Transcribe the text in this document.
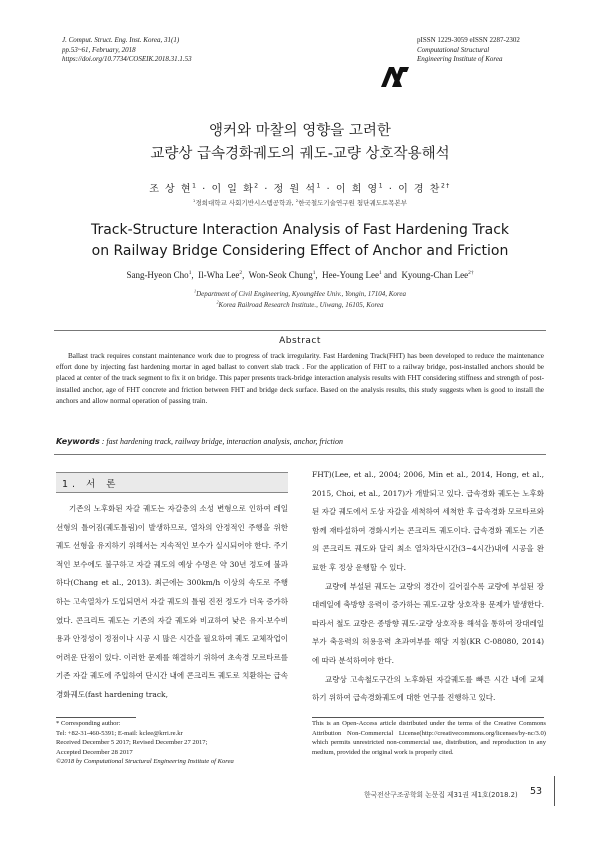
J. Comput. Struct. Eng. Inst. Korea, 31(1)
pp.53~61, February, 2018
https://doi.org/10.7734/COSEIK.2018.31.1.53
pISSN 1229-3059 eISSN 2287-2302
Computational Structural
Engineering Institute of Korea
앵커와 마찰의 영향을 고려한
교량상 급속경화궤도의 궤도-교량 상호작용해석
조 상 현$^1$ · 이 일 화$^2$ · 정 원 석$^1$ · 이 희 영$^1$ · 이 경 찬$^{2\dagger}$
$^1$경희대학교 사회기반시스템공학과, $^2$한국철도기술연구원 첨단궤도토목본부
Track-Structure Interaction Analysis of Fast Hardening Track
on Railway Bridge Considering Effect of Anchor and Friction
Sang-Hyeon Cho$^1$,  Il-Wha Lee$^2$,  Won-Seok Chung$^1$,  Hee-Young Lee$^1$ and  Kyoung-Chan Lee$^{2\dagger}$
$^1$Department of Civil Engineering, KyoungHee Univ., Yongin, 17104, Korea
$^2$Korea Railroad Research Institute., Uiwang, 16105, Korea
Abstract
Ballast track requires constant maintenance work due to progress of track irregularity. Fast Hardening Track(FHT) has been developed to reduce the maintenance effort done by injecting fast hardening mortar in aged ballast to convert slab track . For the application of FHT to a railway bridge, post-installed anchors should be placed at center of the track segment to fix it on bridge. This paper presents track-bridge interaction analysis results with FHT considering stiffness and strength of post-installed anchor, age of FHT concrete and friction between FHT and bridge deck surface. Based on the analysis results, this study suggests when is good to install the anchors and allow normal operation of passing train.
Keywords : fast hardening track, railway bridge, interaction analysis, anchor, friction
1. 서 론

기존의 노후화된 자갈 궤도는 자갈층의 소성 변형으로 인하여 레일 선형의 틀어짐(궤도틀림)이 발생하므로, 열차의 안정적인 주행을 위한 궤도 선형을 유지하기 위해서는 지속적인 보수가 실시되어야 한다. 주기적인 보수에도 불구하고 자갈 궤도의 예상 수명은 약 30년 정도에 불과하다(Chang et al., 2013). 최근에는 300km/h 이상의 속도로 주행하는 고속열차가 도입되면서 자갈 궤도의 틀림 진전 정도가 더욱 증가하였다. 콘크리트 궤도는 기존의 자갈 궤도와 비교하여 낮은 유지·보수비용과 안정성이 정점이나 시공 시 많은 시간을 필요하여 궤도 교체작업이 어려운 단점이 있다. 이러한 문제를 해결하기 위하여 초속경 모르타르를 기존 자갈 궤도에 주입하여 단시간 내에 콘크리트 궤도로 치환하는 급속경화궤도(fast hardening track,

FHT)(Lee, et al., 2004; 2006, Min et al., 2014, Hong, et al., 2015, Choi, et al., 2017)가 개발되고 있다. 급속경화 궤도는 노후화된 자갈 궤도에서 도상 자갈을 세척하여 세척한 후 급속경화 모르타르와 함께 재타설하여 경화시키는 콘크리트 궤도이다. 급속경화 궤도는 기존의 콘크리트 궤도와 달리 최소 열차차단시간(3~4시간)내에 시공을 완료한 후 정상 운행할 수 있다.

교량에 부설된 궤도는 교량의 경간이 길어질수록 교량에 부설된 장대레일에 축방향 응력이 증가하는 궤도-교량 상호작용 문제가 발생한다. 따라서 철도 교량은 종방향 궤도-교량 상호작용 해석을 통하여 장대레일 부가 축응력의 허용응력 초과여부를 해당 지침(KR C-08080, 2014)에 따라 분석하여야 한다.

교량상 고속철도구간의 노후화된 자갈궤도를 빠른 시간 내에 교체하기 위하여 급속경화궤도에 대한 연구를 진행하고 있다.

* Corresponding author:
Tel: +82-31-460-5391; E-mail: kclee@krri.re.kr
Received December 5 2017; Revised December 27 2017;
Accepted December 28 2017
©2018 by Computational Structural Engineering Institute of Korea
This is an Open-Access article distributed under the terms of the Creative Commons Attribution Non-Commercial License(http://creativecommons.org/licenses/by-nc/3.0) which permits unrestricted non-commercial use, distribution, and reproduction in any medium, provided the original work is properly cited.
한국전산구조공학회 논문집 제31권 제1호(2018.2) 53
